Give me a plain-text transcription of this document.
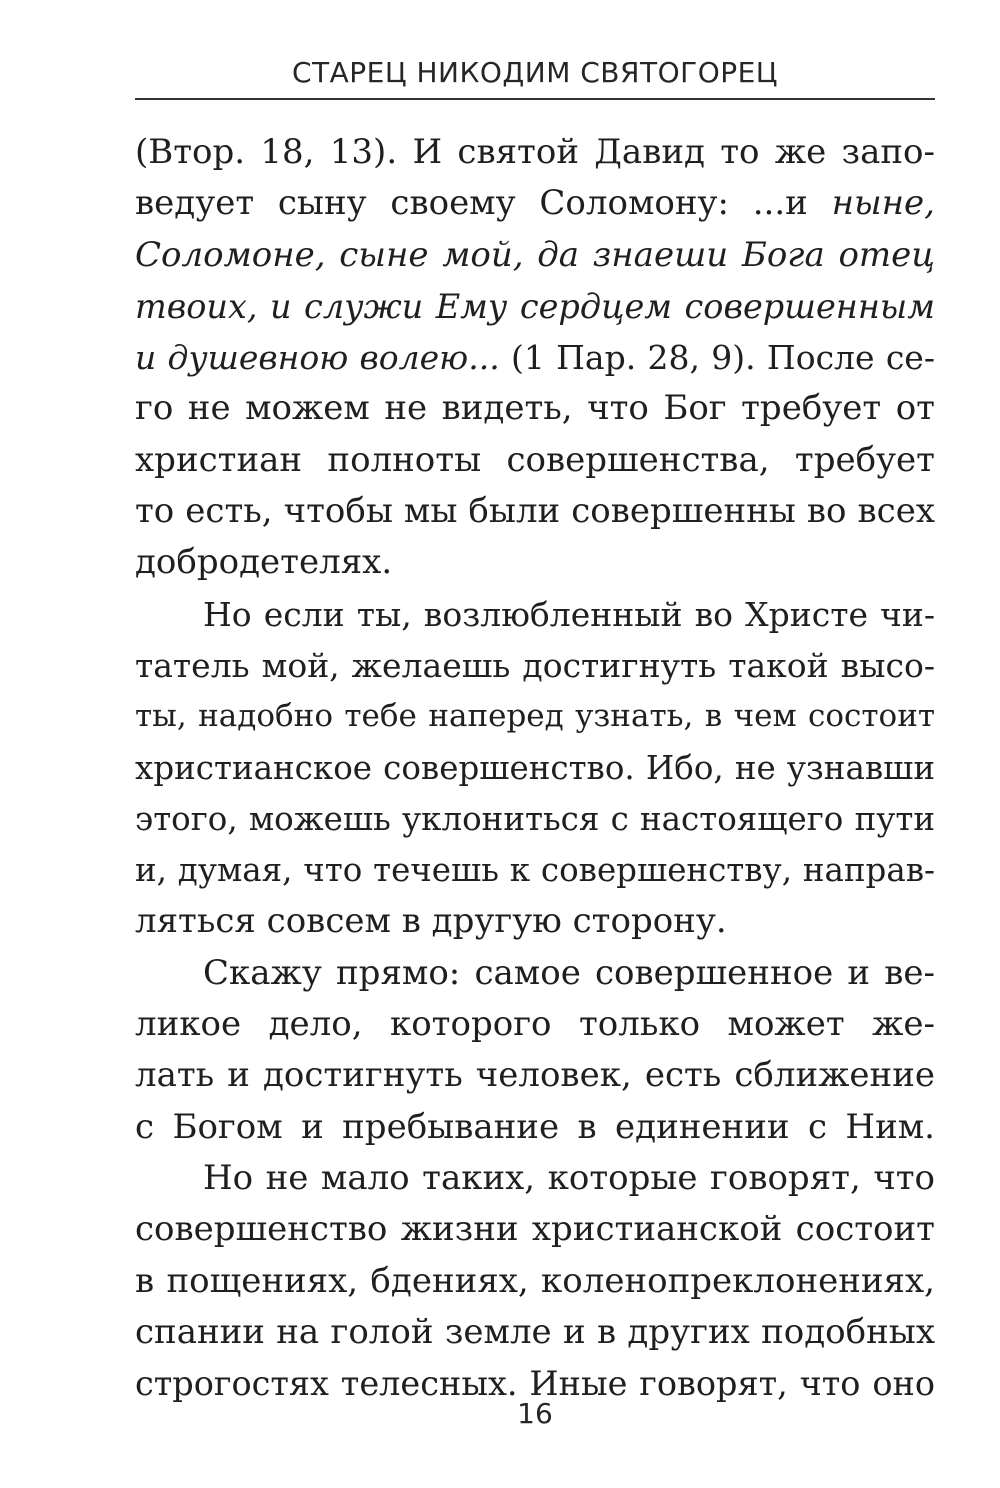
СТАРЕЦ НИКОДИМ СВЯТОГОРЕЦ

(Втор. 18, 13). И святой Давид то же запо-
ведует сыну своему Соломону: ...и нынe,
Соломоне, сыне мой, да знаеши Бога отец
твоих, и служи Ему сердцем совершенным
и душевною волею... (1 Пар. 28, 9). После се-
го не можем не видеть, что Бог требует от
христиан полноты совершенства, требует
то есть, чтобы мы были совершенны во всех
добродетелях.

Но если ты, возлюбленный во Христе чи-
татель мой, желаешь достигнуть такой высо-
ты, надобно тебе наперед узнать, в чем состоит
христианское совершенство. Ибо, не узнавши
этого, можешь уклониться с настоящего пути
и, думая, что течешь к совершенству, направ-
ляться совсем в другую сторону.

Скажу прямо: самое совершенное и ве-
ликое дело, которого только может же-
лать и достигнуть человек, есть сближение
с Богом и пребывание в единении с Ним.

Но не мало таких, которые говорят, что
совершенство жизни христианской состоит
в пощениях, бдениях, коленопреклонениях,
спании на голой земле и в других подобных
строгостях телесных. Иные говорят, что оно

16
